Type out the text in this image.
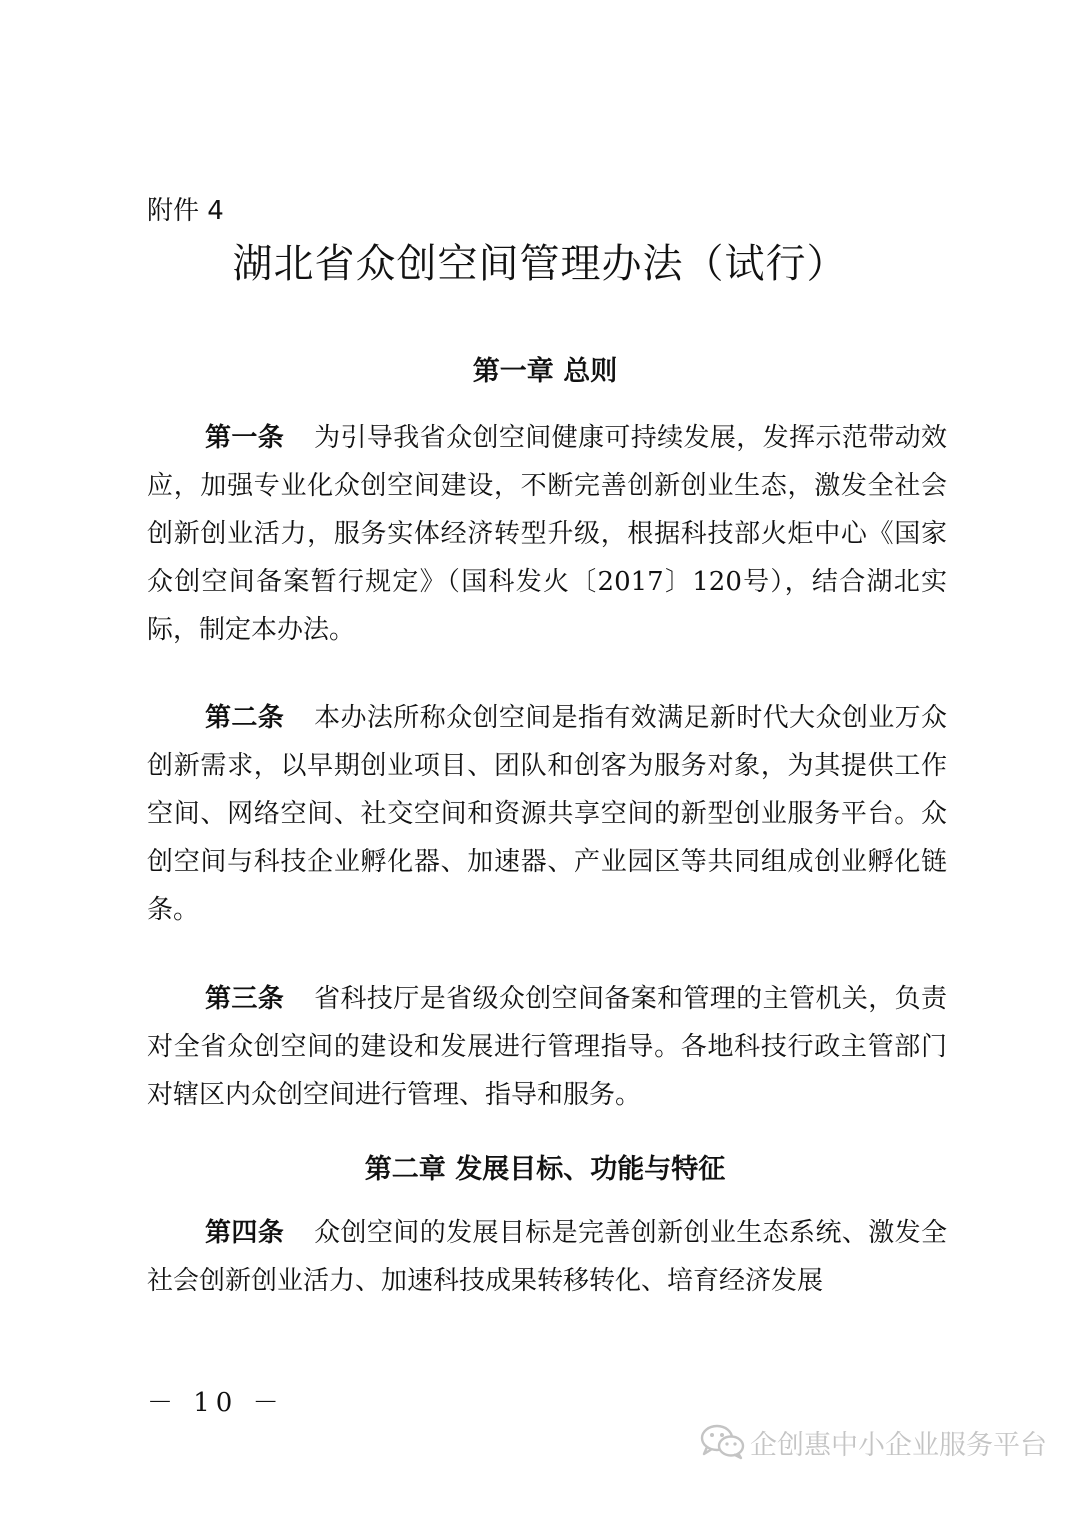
附件 4
湖北省众创空间管理办法（试行）
第一章 总则

第一条 为引导我省众创空间健康可持续发展，发挥示范带动效应，加强专业化众创空间建设，不断完善创新创业生态，激发全社会创新创业活力，服务实体经济转型升级，根据科技部火炬中心《国家众创空间备案暂行规定》（国科发火〔2017〕120号），结合湖北实际，制定本办法。

第二条 本办法所称众创空间是指有效满足新时代大众创业万众创新需求，以早期创业项目、团队和创客为服务对象，为其提供工作空间、网络空间、社交空间和资源共享空间的新型创业服务平台。众创空间与科技企业孵化器、加速器、产业园区等共同组成创业孵化链条。

第三条 省科技厅是省级众创空间备案和管理的主管机关，负责对全省众创空间的建设和发展进行管理指导。各地科技行政主管部门对辖区内众创空间进行管理、指导和服务。

第二章 发展目标、功能与特征

第四条 众创空间的发展目标是完善创新创业生态系统、激发全社会创新创业活力、加速科技成果转移转化、培育经济发展

－ 10 －
企创惠中小企业服务平台
